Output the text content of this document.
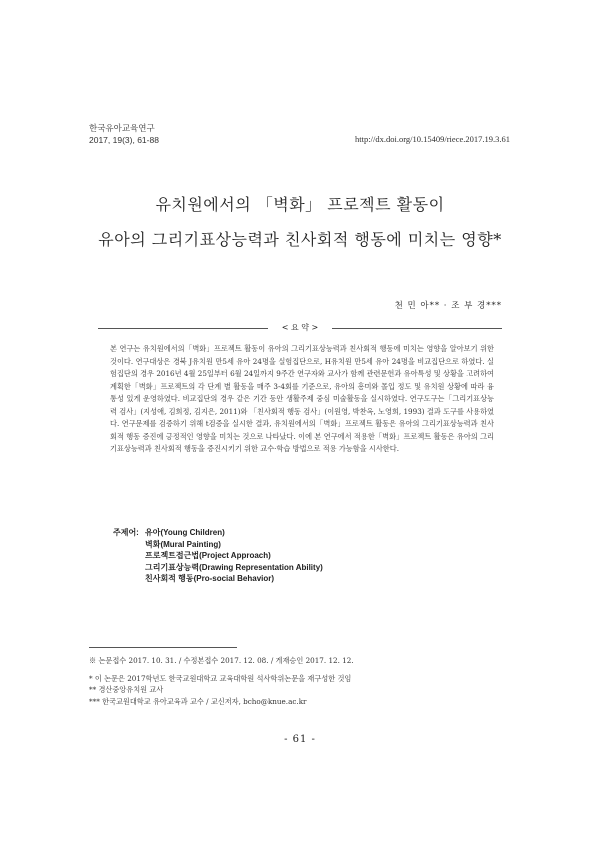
한국유아교육연구
2017, 19(3), 61-88	http://dx.doi.org/10.15409/riece.2017.19.3.61
유치원에서의 「벽화」 프로젝트 활동이
유아의 그리기표상능력과 친사회적 행동에 미치는 영향*
천 민 아** · 조 부 경***
< 요 약 >
본 연구는 유치원에서의「벽화」프로젝트 활동이 유아의 그리기표상능력과 친사회적 행동에 미치는 영향을 알아보기 위한 것이다. 연구대상은 경북 J유치원 만5세 유아 24명을 실험집단으로, H유치원 만5세 유아 24명을 비교집단으로 하였다. 실험집단의 경우 2016년 4월 25일부터 6월 24일까지 9주간 연구자와 교사가 함께 관련문헌과 유아특성 및 상황을 고려하여 계획한「벽화」프로젝트의 각 단계 별 활동을 매주 3-4회를 기준으로, 유아의 흥미와 몰입 정도 및 유치원 상황에 따라 융통성 있게 운영하였다. 비교집단의 경우 같은 기간 동안 생활주제 중심 미술활동을 실시하였다. 연구도구는「그리기표상능력 검사」(지성애, 김희정, 김지은, 2011)와 「친사회적 행동 검사」(이원영, 박찬옥, 노영희, 1993) 결과 도구를 사용하였다. 연구문제를 검증하기 위해 t검증을 실시한 결과, 유치원에서의「벽화」프로젝트 활동은 유아의 그리기표상능력과 친사회적 행동 증진에 긍정적인 영향을 미치는 것으로 나타났다. 이에 본 연구에서 적용한「벽화」프로젝트 활동은 유아의 그리기표상능력과 친사회적 행동을 증진시키기 위한 교수·학습 방법으로 적용 가능함을 시사한다.
주제어: 유아(Young Children)
벽화(Mural Painting)
프로젝트접근법(Project Approach)
그리기표상능력(Drawing Representation Ability)
친사회적 행동(Pro-social Behavior)
※ 논문접수 2017. 10. 31. / 수정본접수 2017. 12. 08. / 게재승인 2017. 12. 12.
* 이 논문은 2017학년도 한국교원대학교 교육대학원 석사학위논문을 재구성한 것임
** 경산중앙유치원 교사
*** 한국교원대학교 유아교육과 교수 / 교신저자, bcho@knue.ac.kr
- 61 -
